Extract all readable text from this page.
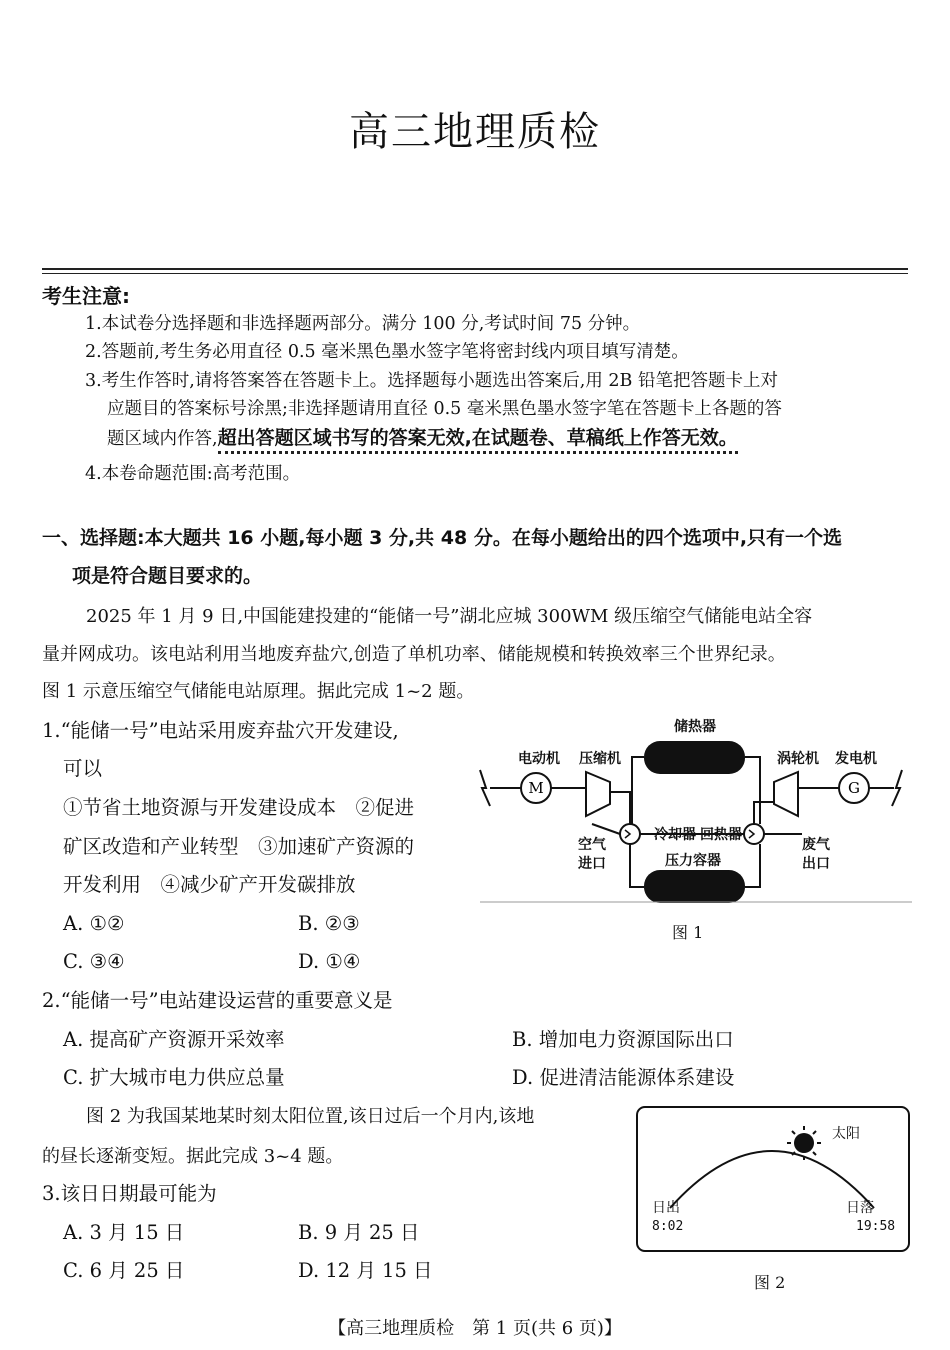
高三地理质检
考生注意:
1.本试卷分选择题和非选择题两部分。满分 100 分,考试时间 75 分钟。
2.答题前,考生务必用直径 0.5 毫米黑色墨水签字笔将密封线内项目填写清楚。
3.考生作答时,请将答案答在答题卡上。选择题每小题选出答案后,用 2B 铅笔把答题卡上对
应题目的答案标号涂黑;非选择题请用直径 0.5 毫米黑色墨水签字笔在答题卡上各题的答
题区域内作答,超出答题区域书写的答案无效,在试题卷、草稿纸上作答无效。
4.本卷命题范围:高考范围。
一、选择题:本大题共 16 小题,每小题 3 分,共 48 分。在每小题给出的四个选项中,只有一个选
项是符合题目要求的。
2025 年 1 月 9 日,中国能建投建的“能储一号”湖北应城 300WM 级压缩空气储能电站全容
量并网成功。该电站利用当地废弃盐穴,创造了单机功率、储能规模和转换效率三个世界纪录。
图 1 示意压缩空气储能电站原理。据此完成 1~2 题。
1.“能储一号”电站采用废弃盐穴开发建设,
可以
①节省土地资源与开发建设成本　②促进
矿区改造和产业转型　③加速矿产资源的
开发利用　④减少矿产开发碳排放
A. ①②	B. ②③
C. ③④	D. ①④
储热器
电动机 压缩机	涡轮机 发电机
空气
进口
冷却器 回热器
压力容器
废气
出口
M	G
图 1
2.“能储一号”电站建设运营的重要意义是
A. 提高矿产资源开采效率	B. 增加电力资源国际出口
C. 扩大城市电力供应总量	D. 促进清洁能源体系建设
图 2 为我国某地某时刻太阳位置,该日过后一个月内,该地
的昼长逐渐变短。据此完成 3~4 题。
3.该日日期最可能为
A. 3 月 15 日	B. 9 月 25 日
C. 6 月 25 日	D. 12 月 15 日
太阳
日出	日落
8:02	19:58
图 2
【高三地理质检　第 1 页(共 6 页)】
